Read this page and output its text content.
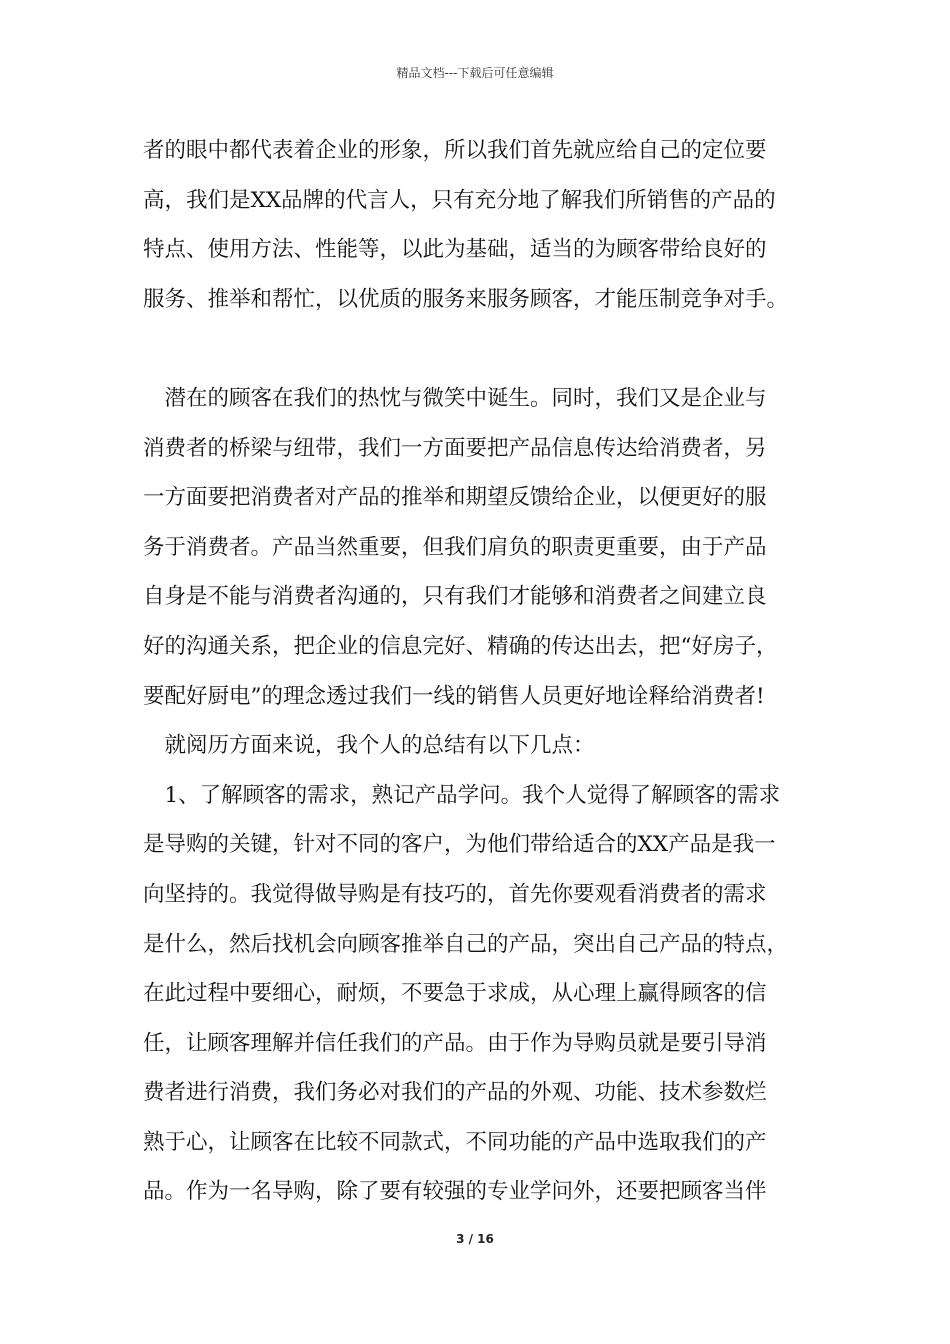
精品文档---下载后可任意编辑
者的眼中都代表着企业的形象，所以我们首先就应给自己的定位要
高，我们是XX品牌的代言人，只有充分地了解我们所销售的产品的
特点、使用方法、性能等，以此为基础，适当的为顾客带给良好的
服务、推举和帮忙，以优质的服务来服务顾客，才能压制竞争对手。
　潜在的顾客在我们的热忱与微笑中诞生。同时，我们又是企业与
消费者的桥梁与纽带，我们一方面要把产品信息传达给消费者，另
一方面要把消费者对产品的推举和期望反馈给企业，以便更好的服
务于消费者。产品当然重要，但我们肩负的职责更重要，由于产品
自身是不能与消费者沟通的，只有我们才能够和消费者之间建立良
好的沟通关系，把企业的信息完好、精确的传达出去，把“好房子，
要配好厨电”的理念透过我们一线的销售人员更好地诠释给消费者!
　就阅历方面来说，我个人的总结有以下几点：
　1、了解顾客的需求，熟记产品学问。我个人觉得了解顾客的需求
是导购的关键，针对不同的客户，为他们带给适合的XX产品是我一
向坚持的。我觉得做导购是有技巧的，首先你要观看消费者的需求
是什么，然后找机会向顾客推举自己的产品，突出自己产品的特点，
在此过程中要细心，耐烦，不要急于求成，从心理上赢得顾客的信
任，让顾客理解并信任我们的产品。由于作为导购员就是要引导消
费者进行消费，我们务必对我们的产品的外观、功能、技术参数烂
熟于心，让顾客在比较不同款式，不同功能的产品中选取我们的产
品。作为一名导购，除了要有较强的专业学问外，还要把顾客当伴
3 / 16
